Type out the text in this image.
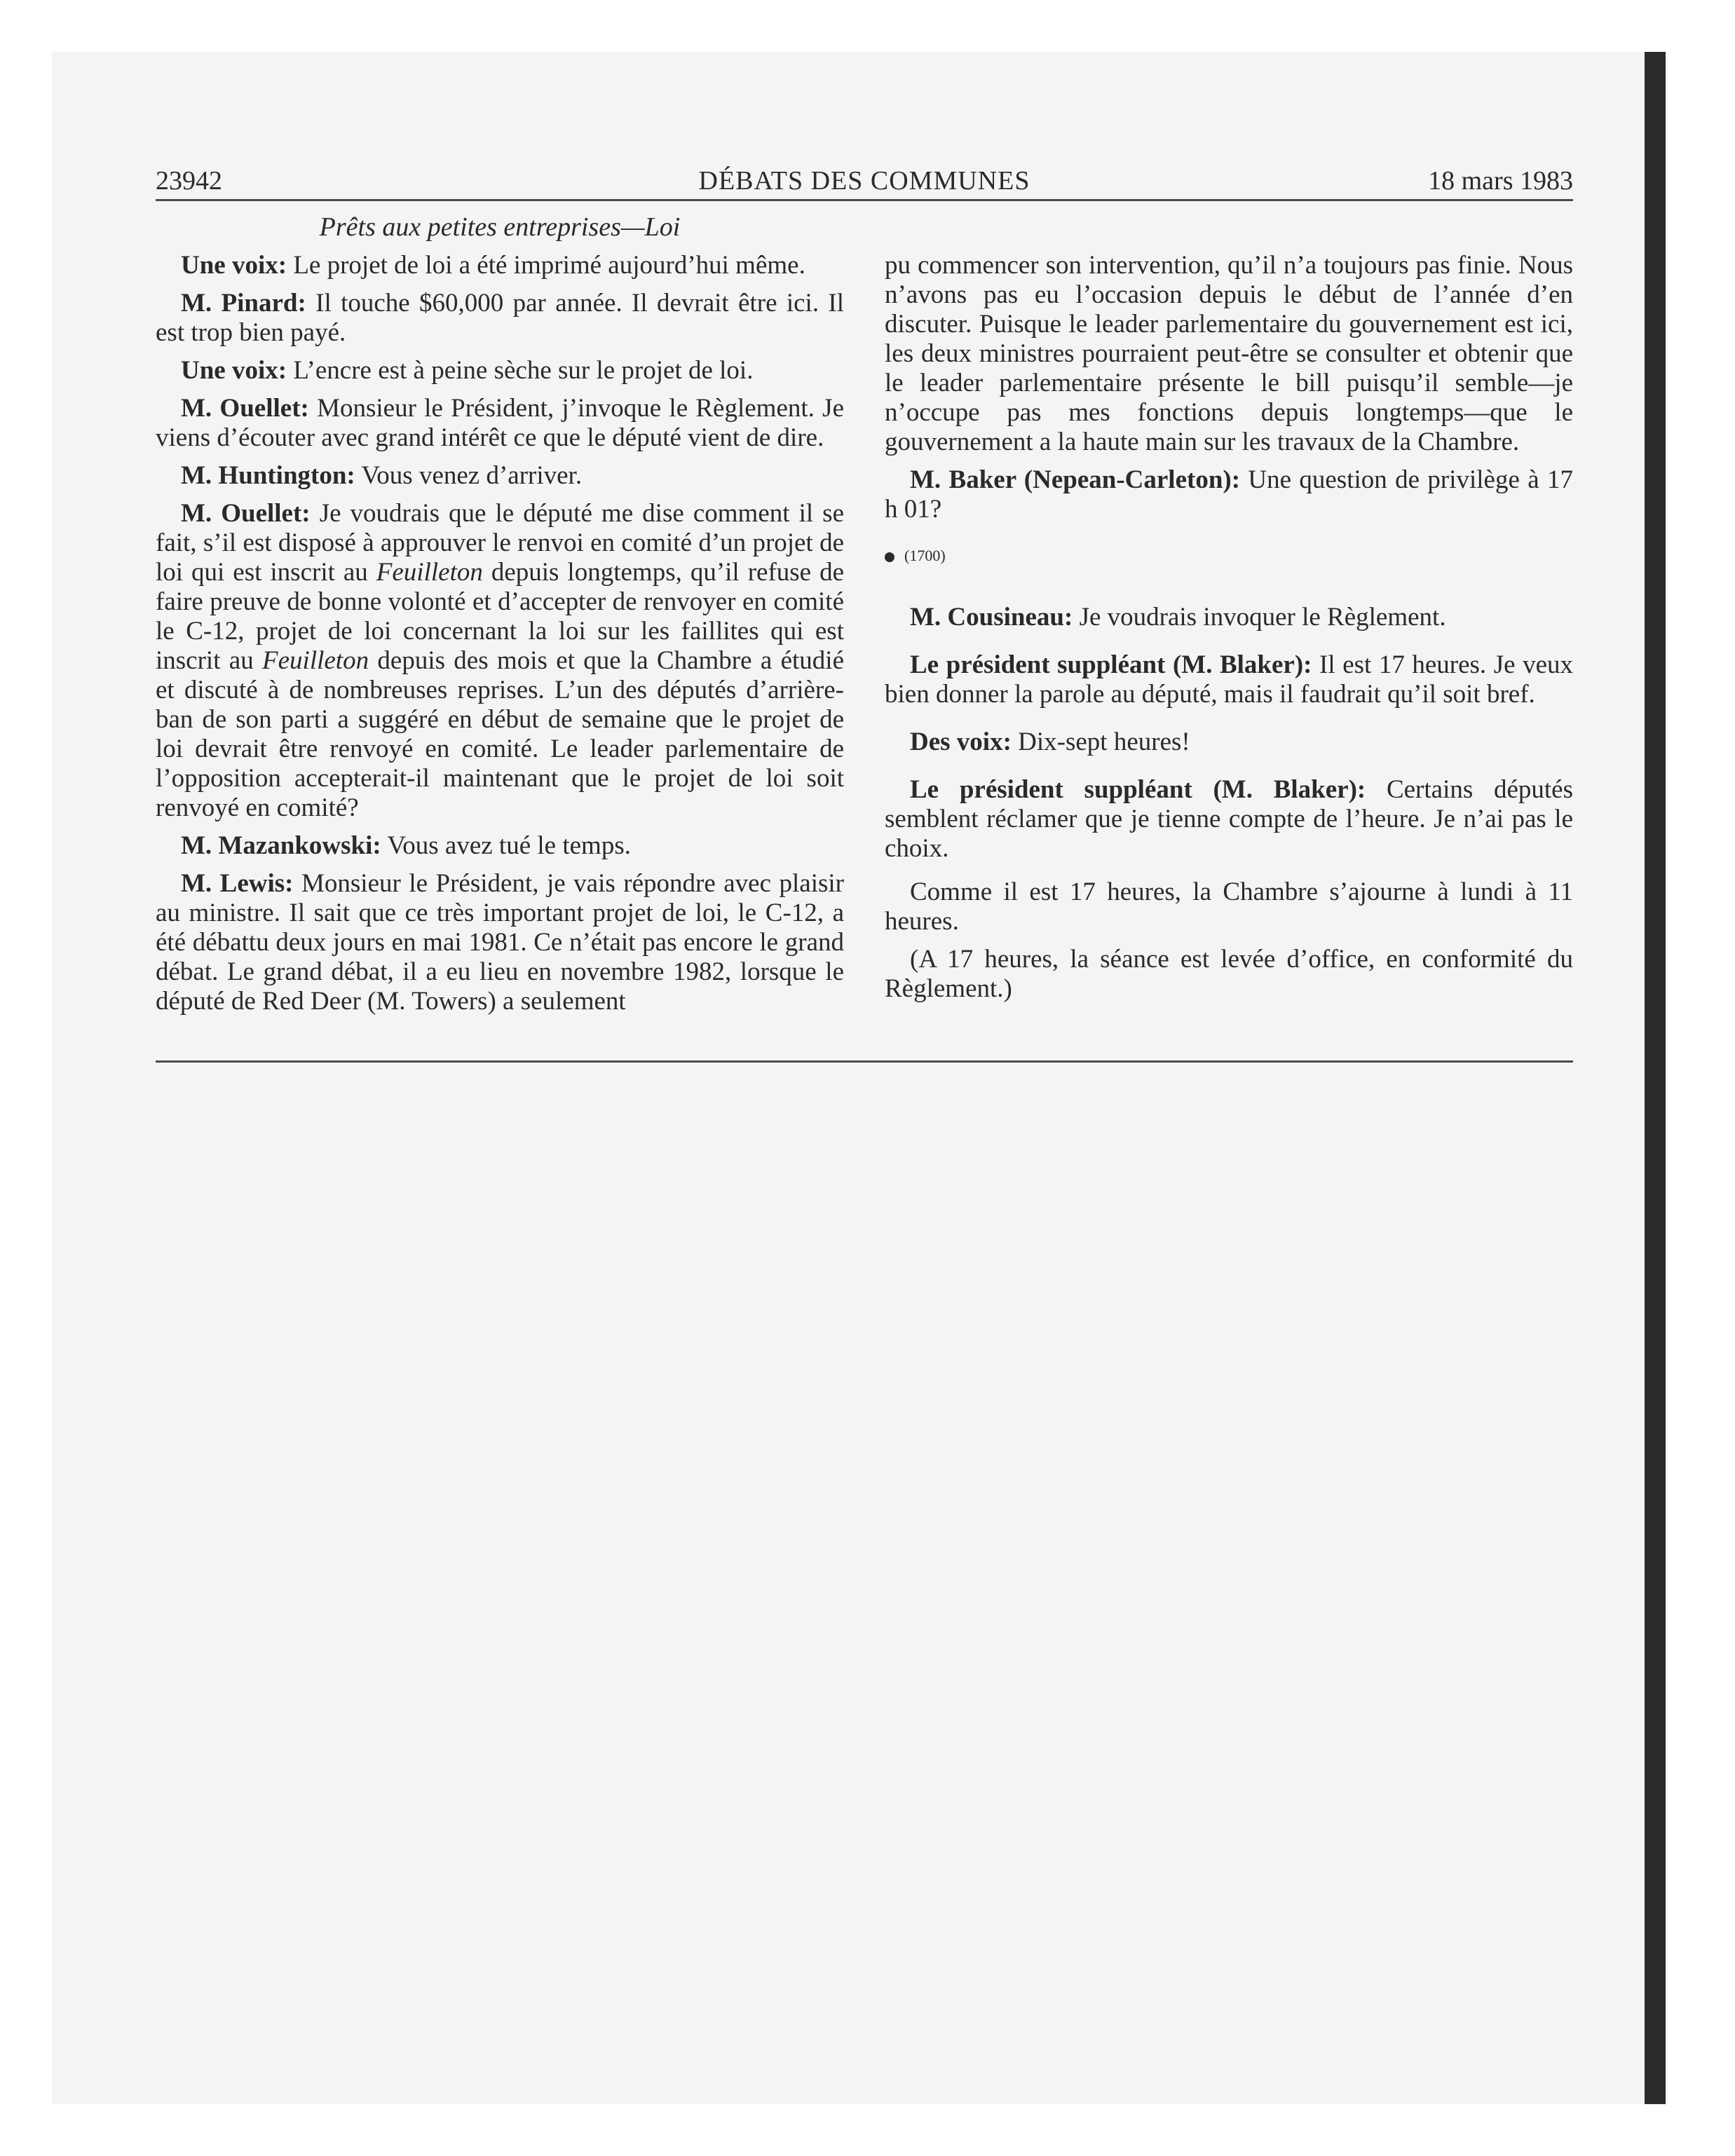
23942	DÉBATS DES COMMUNES	18 mars 1983
Prêts aux petites entreprises—Loi

Une voix: Le projet de loi a été imprimé aujourd’hui même.

M. Pinard: Il touche $60,000 par année. Il devrait être ici. Il est trop bien payé.

Une voix: L’encre est à peine sèche sur le projet de loi.

M. Ouellet: Monsieur le Président, j’invoque le Règlement. Je viens d’écouter avec grand intérêt ce que le député vient de dire.

M. Huntington: Vous venez d’arriver.

M. Ouellet: Je voudrais que le député me dise comment il se fait, s’il est disposé à approuver le renvoi en comité d’un projet de loi qui est inscrit au Feuilleton depuis longtemps, qu’il refuse de faire preuve de bonne volonté et d’accepter de renvoyer en comité le C-12, projet de loi concernant la loi sur les faillites qui est inscrit au Feuilleton depuis des mois et que la Chambre a étudié et discuté à de nombreuses reprises. L’un des députés d’arrière-ban de son parti a suggéré en début de semaine que le projet de loi devrait être renvoyé en comité. Le leader parlementaire de l’opposition accepterait-il maintenant que le projet de loi soit renvoyé en comité?

M. Mazankowski: Vous avez tué le temps.

M. Lewis: Monsieur le Président, je vais répondre avec plaisir au ministre. Il sait que ce très important projet de loi, le C-12, a été débattu deux jours en mai 1981. Ce n’était pas encore le grand débat. Le grand débat, il a eu lieu en novembre 1982, lorsque le député de Red Deer (M. Towers) a seulement

pu commencer son intervention, qu’il n’a toujours pas finie. Nous n’avons pas eu l’occasion depuis le début de l’année d’en discuter. Puisque le leader parlementaire du gouvernement est ici, les deux ministres pourraient peut-être se consulter et obtenir que le leader parlementaire présente le bill puisqu’il semble—je n’occupe pas mes fonctions depuis longtemps—que le gouvernement a la haute main sur les travaux de la Chambre.

M. Baker (Nepean-Carleton): Une question de privilège à 17 h 01?

(1700)

M. Cousineau: Je voudrais invoquer le Règlement.

Le président suppléant (M. Blaker): Il est 17 heures. Je veux bien donner la parole au député, mais il faudrait qu’il soit bref.

Des voix: Dix-sept heures!

Le président suppléant (M. Blaker): Certains députés semblent réclamer que je tienne compte de l’heure. Je n’ai pas le choix.

Comme il est 17 heures, la Chambre s’ajourne à lundi à 11 heures.

(A 17 heures, la séance est levée d’office, en conformité du Règlement.)
